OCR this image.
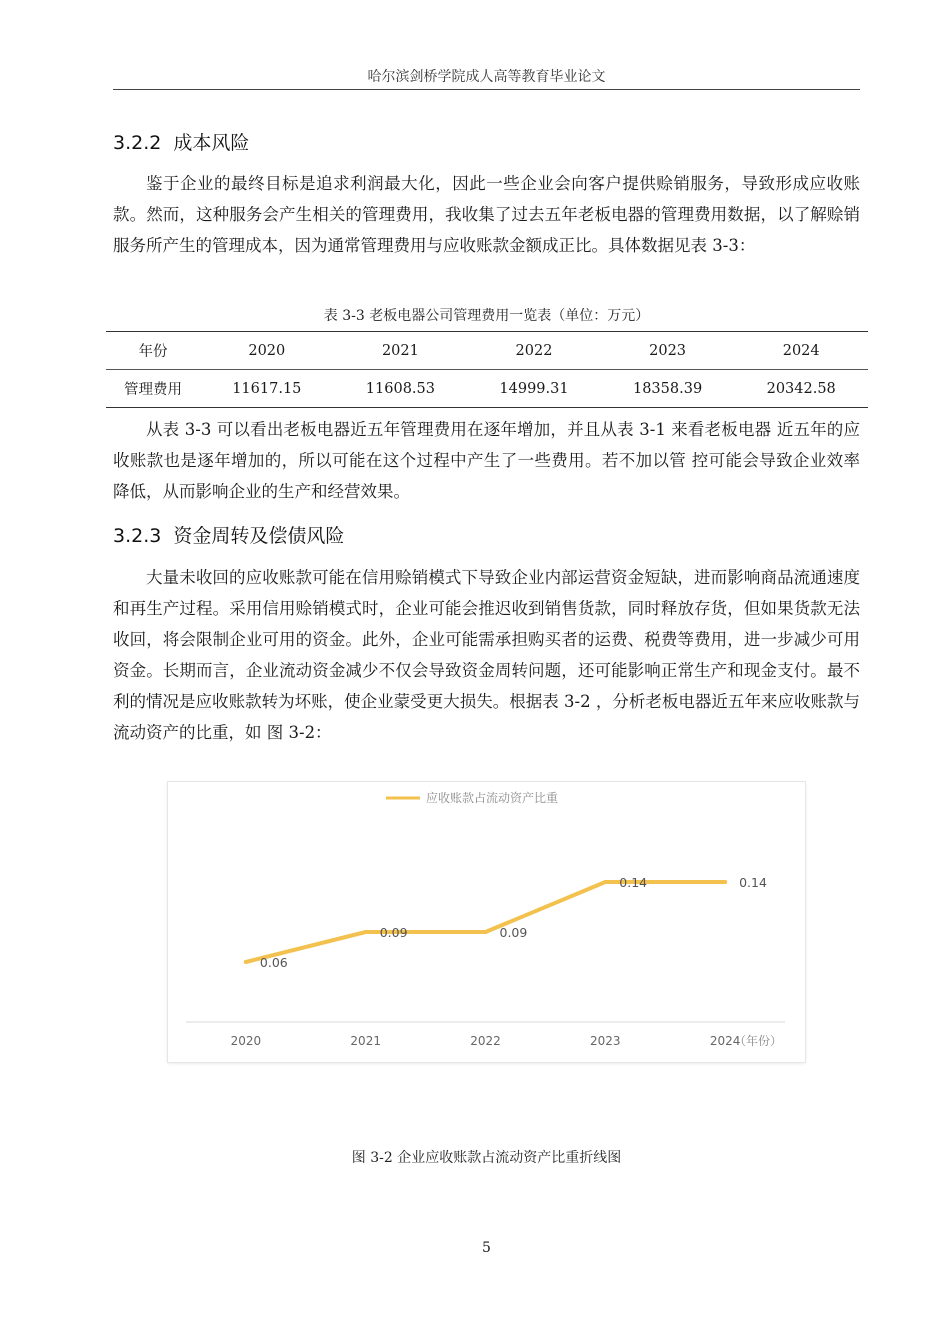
哈尔滨剑桥学院成人高等教育毕业论文
3.2.2 成本风险

鉴于企业的最终目标是追求利润最大化，因此一些企业会向客户提供赊销服务，导致形成应收账款。然而，这种服务会产生相关的管理费用，我收集了过去五年老板电器的管理费用数据，以了解赊销服务所产生的管理成本，因为通常管理费用与应收账款金额成正比。具体数据见表 3-3：

表 3-3 老板电器公司管理费用一览表（单位：万元）
年份	2020	2021	2022	2023	2024
管理费用	11617.15	11608.53	14999.31	18358.39	20342.58

从表 3-3 可以看出老板电器近五年管理费用在逐年增加，并且从表 3-1 来看老板电器 近五年的应收账款也是逐年增加的，所以可能在这个过程中产生了一些费用。若不加以管 控可能会导致企业效率降低，从而影响企业的生产和经营效果。

3.2.3 资金周转及偿债风险

大量未收回的应收账款可能在信用赊销模式下导致企业内部运营资金短缺，进而影响商品流通速度和再生产过程。采用信用赊销模式时，企业可能会推迟收到销售货款，同时释放存货，但如果货款无法收回，将会限制企业可用的资金。此外，企业可能需承担购买者的运费、税费等费用，进一步减少可用资金。长期而言，企业流动资金减少不仅会导致资金周转问题，还可能影响正常生产和现金支付。最不利的情况是应收账款转为坏账，使企业蒙受更大损失。根据表 3-2 ，分析老板电器近五年来应收账款与流动资产的比重，如 图 3-2：

应收账款占流动资产比重
（年份）
0.06
0.09	0.09
0.14	0.14
2020	2021	2022	2023	2024
图 3-2 企业应收账款占流动资产比重折线图
5
